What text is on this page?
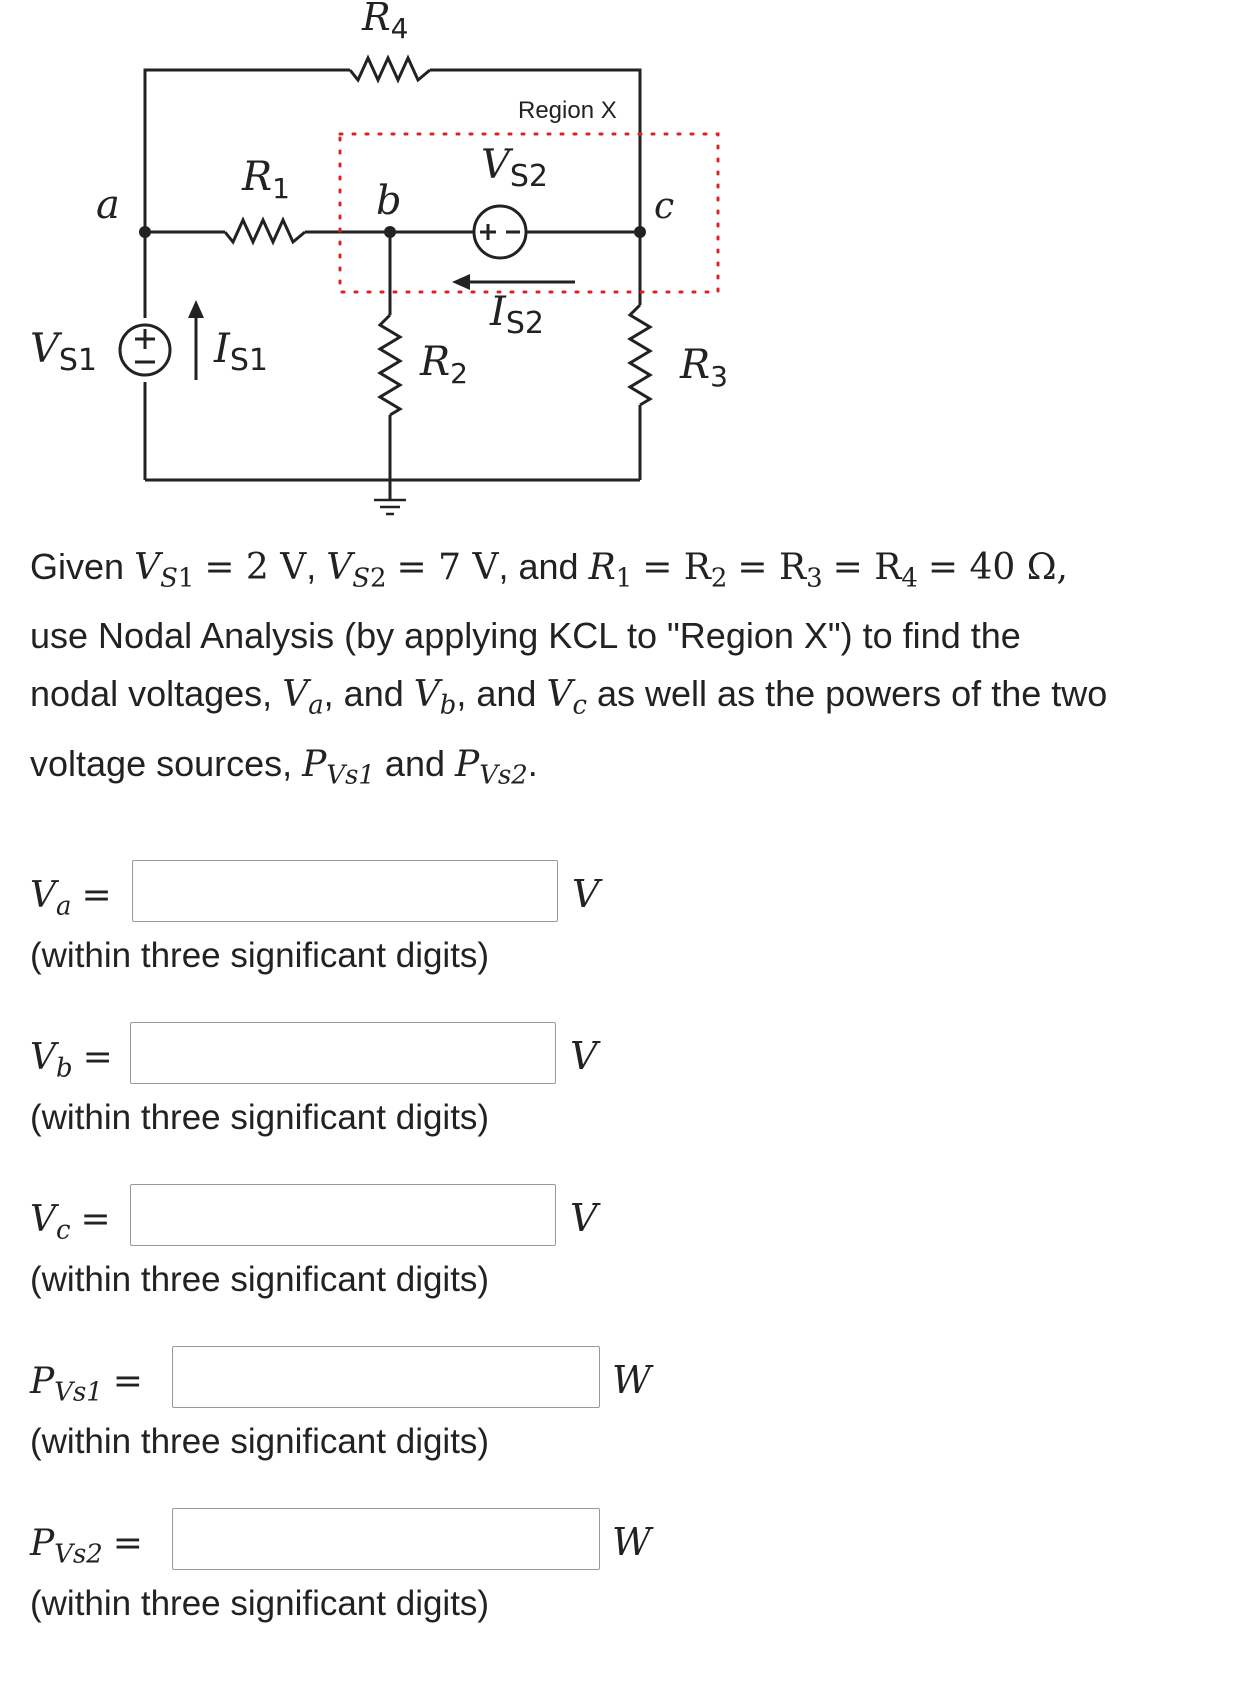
$R_4$
Region X
$V_{S2}$
$R_1$
a	b	c
$I_{S2}$
$V_{S1}$	$I_{S1}$	$R_2$	$R_3$
Given $V_{S1} = 2$ V, $V_{S2} = 7$ V, and $R_1 = R_2 = R_3 = R_4 = 40$ Ω,
use Nodal Analysis (by applying KCL to "Region X") to find the
nodal voltages, $V_a$, and $V_b$, and $V_c$ as well as the powers of the two
voltage sources, $P_{Vs1}$ and $P_{Vs2}$.
$V_a$ =	V
(within three significant digits)
$V_b$ =	V
(within three significant digits)
$V_c$ =	V
(within three significant digits)
$P_{Vs1}$ =	W
(within three significant digits)
$P_{Vs2}$ =	W
(within three significant digits)
